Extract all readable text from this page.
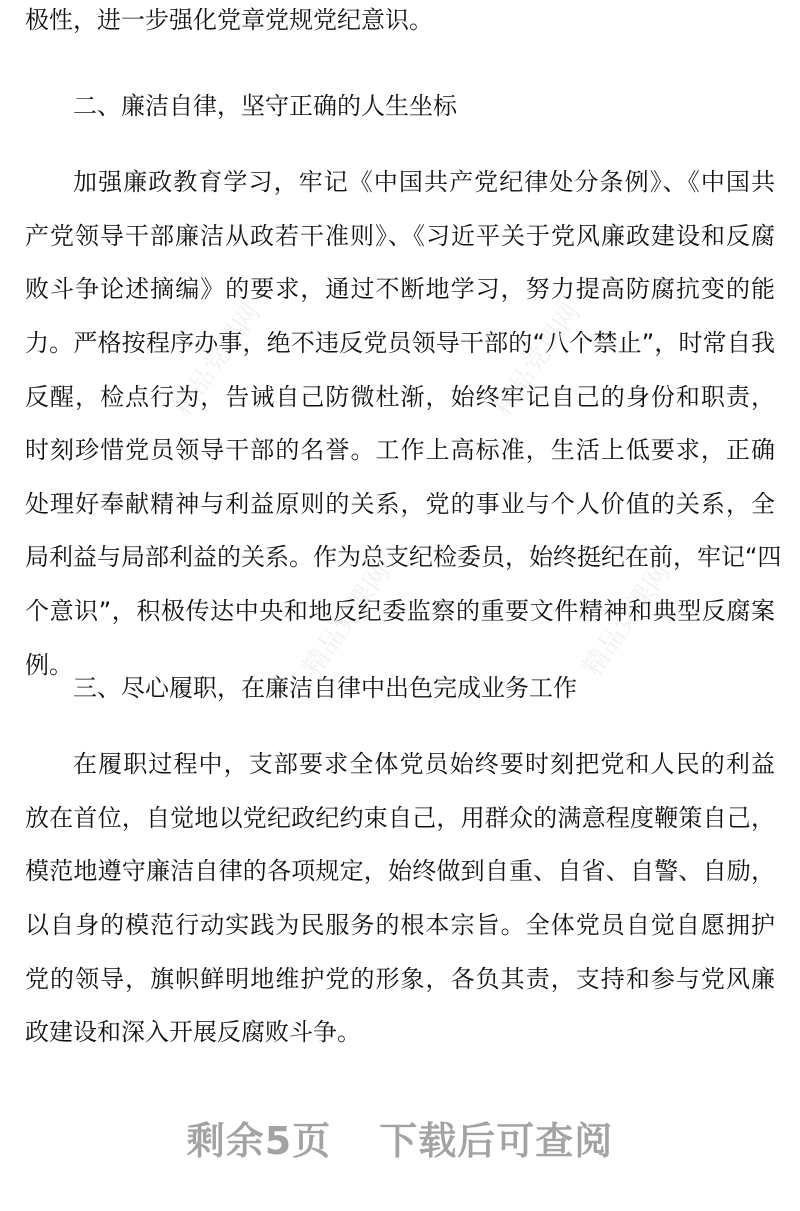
精品党课网	精品党课网
精品党课网	精品党课网
极性，进一步强化党章党规党纪意识。
二、廉洁自律，坚守正确的人生坐标
加强廉政教育学习，牢记《中国共产党纪律处分条例》、《中国共
产党领导干部廉洁从政若干准则》、《习近平关于党风廉政建设和反腐
败斗争论述摘编》的要求，通过不断地学习，努力提高防腐抗变的能
力。严格按程序办事，绝不违反党员领导干部的“八个禁止”，时常自我
反醒，检点行为，告诫自己防微杜渐，始终牢记自己的身份和职责，
时刻珍惜党员领导干部的名誉。工作上高标准，生活上低要求，正确
处理好奉献精神与利益原则的关系，党的事业与个人价值的关系，全
局利益与局部利益的关系。作为总支纪检委员，始终挺纪在前，牢记“四
个意识”，积极传达中央和地反纪委监察的重要文件精神和典型反腐案
例。
三、尽心履职，在廉洁自律中出色完成业务工作
在履职过程中，支部要求全体党员始终要时刻把党和人民的利益
放在首位，自觉地以党纪政纪约束自己，用群众的满意程度鞭策自己，
模范地遵守廉洁自律的各项规定，始终做到自重、自省、自警、自励，
以自身的模范行动实践为民服务的根本宗旨。全体党员自觉自愿拥护
党的领导，旗帜鲜明地维护党的形象，各负其责，支持和参与党风廉
政建设和深入开展反腐败斗争。
剩余5页 下载后可查阅
